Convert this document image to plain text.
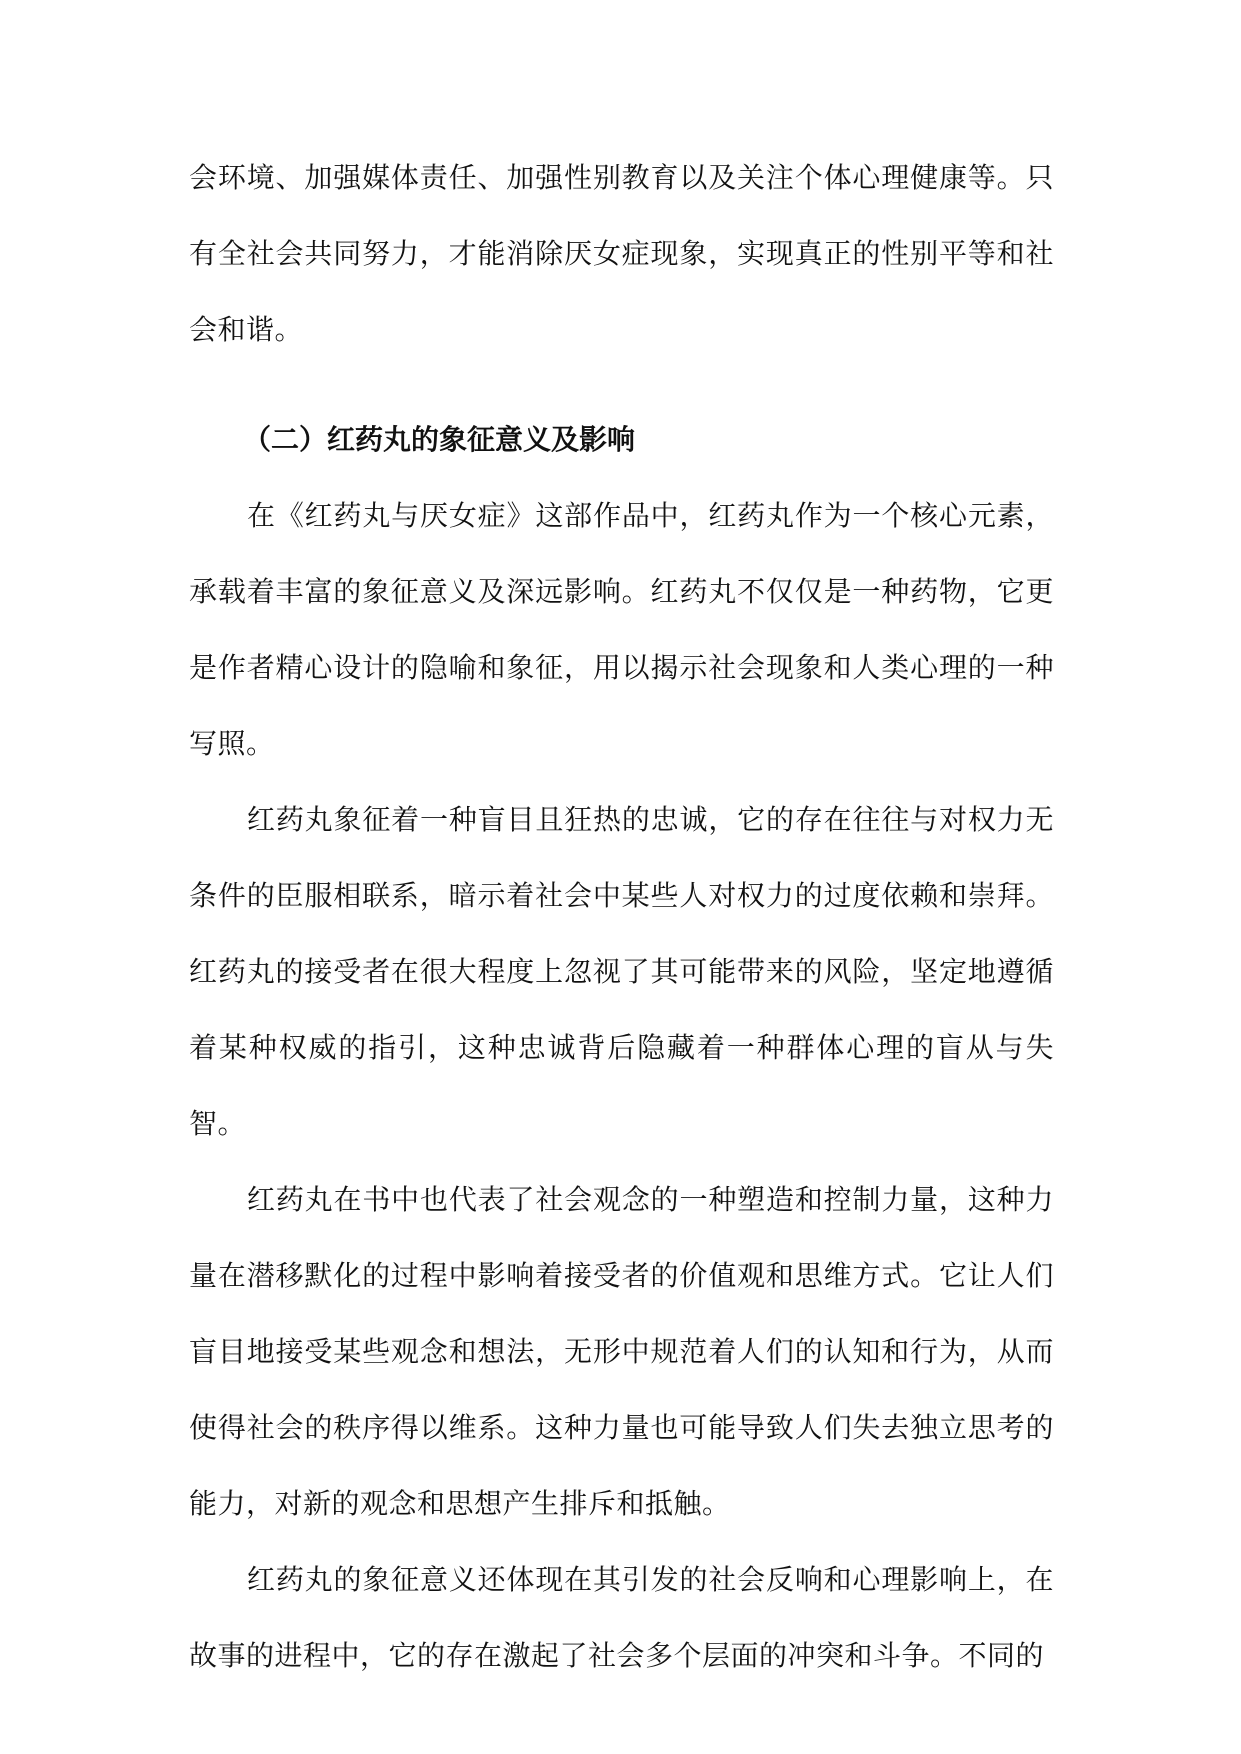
会环境、加强媒体责任、加强性别教育以及关注个体心理健康等。只有全社会共同努力，才能消除厌女症现象，实现真正的性别平等和社会和谐。

（二）红药丸的象征意义及影响

在《红药丸与厌女症》这部作品中，红药丸作为一个核心元素，承载着丰富的象征意义及深远影响。红药丸不仅仅是一种药物，它更是作者精心设计的隐喻和象征，用以揭示社会现象和人类心理的一种写照。

红药丸象征着一种盲目且狂热的忠诚，它的存在往往与对权力无条件的臣服相联系，暗示着社会中某些人对权力的过度依赖和崇拜。红药丸的接受者在很大程度上忽视了其可能带来的风险，坚定地遵循着某种权威的指引，这种忠诚背后隐藏着一种群体心理的盲从与失智。

红药丸在书中也代表了社会观念的一种塑造和控制力量，这种力量在潜移默化的过程中影响着接受者的价值观和思维方式。它让人们盲目地接受某些观念和想法，无形中规范着人们的认知和行为，从而使得社会的秩序得以维系。这种力量也可能导致人们失去独立思考的能力，对新的观念和思想产生排斥和抵触。

红药丸的象征意义还体现在其引发的社会反响和心理影响上，在故事的进程中，它的存在激起了社会多个层面的冲突和斗争。不同的
